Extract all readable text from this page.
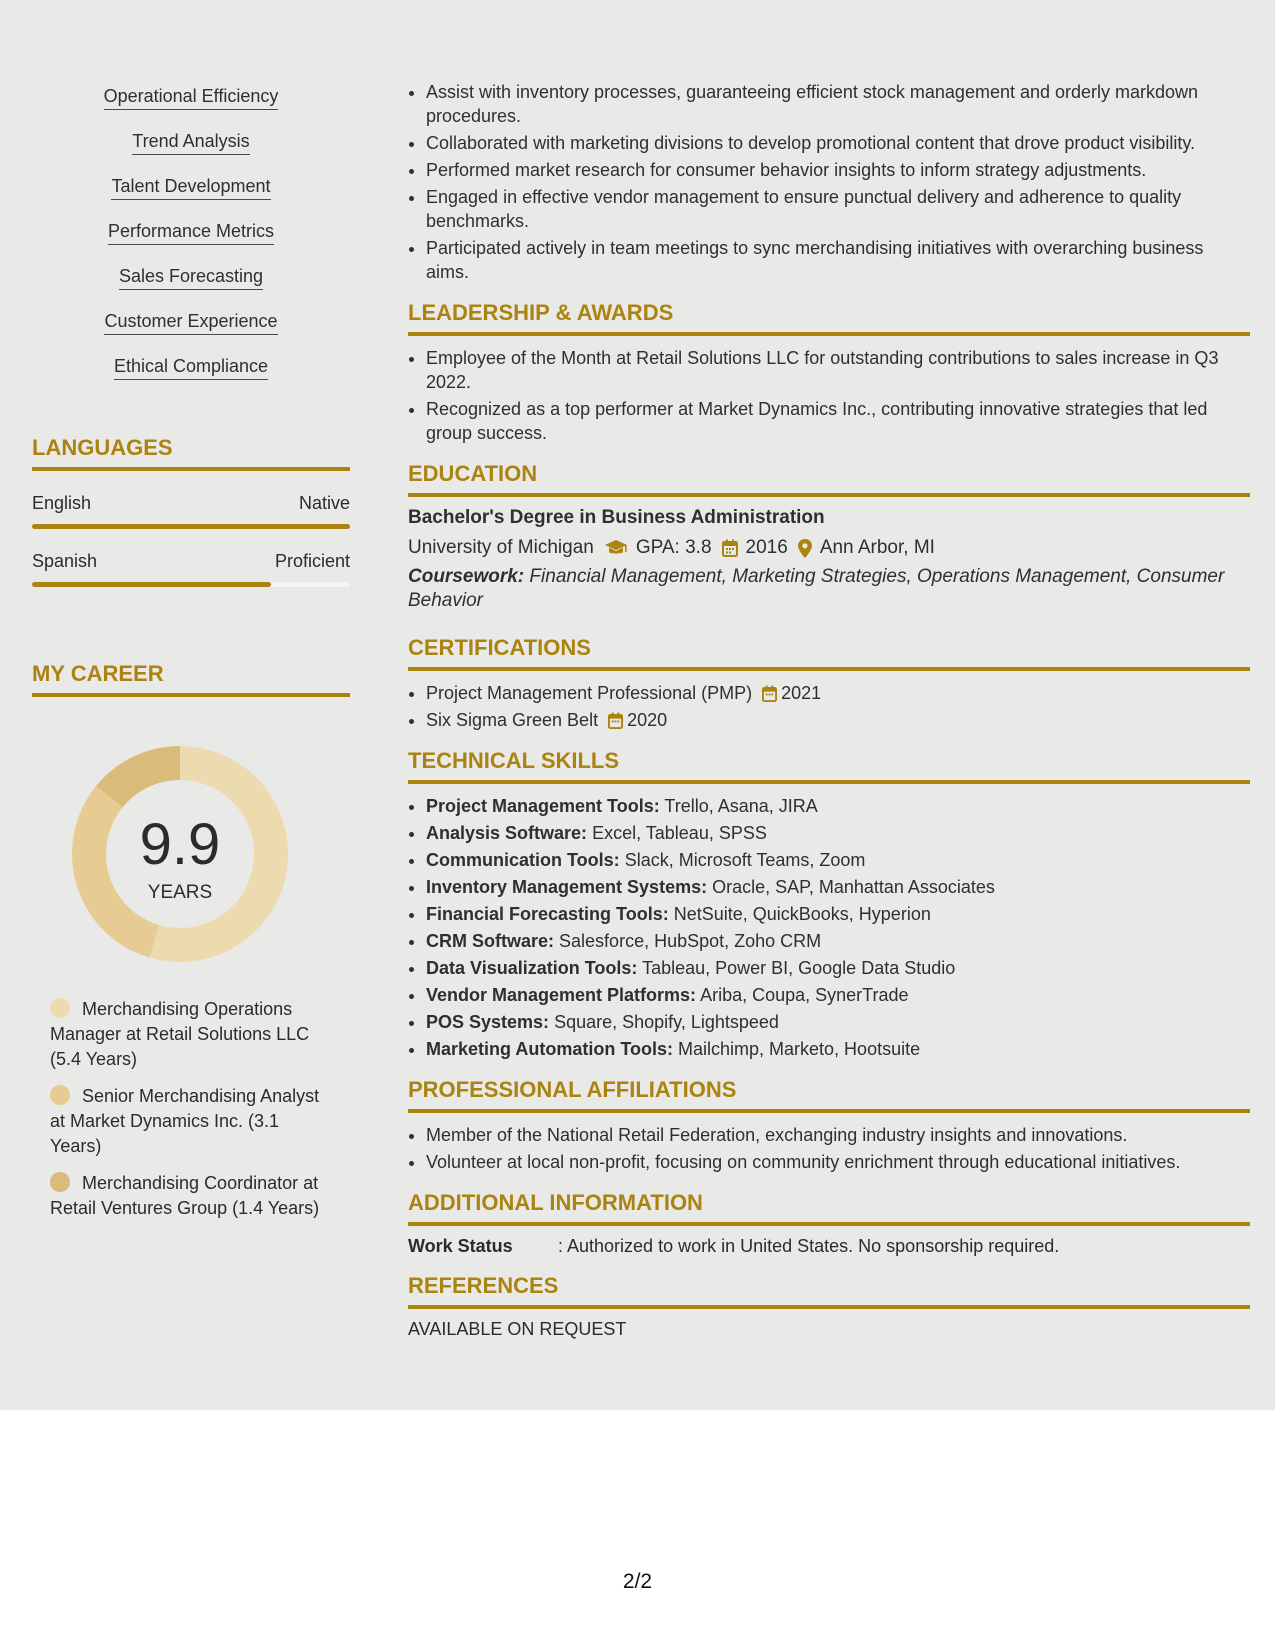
Operational Efficiency
Trend Analysis
Talent Development
Performance Metrics
Sales Forecasting
Customer Experience
Ethical Compliance
LANGUAGES
English	Native
Spanish	Proficient
MY CAREER
9.9
YEARS
Merchandising Operations Manager at Retail Solutions LLC (5.4 Years)
Senior Merchandising Analyst at Market Dynamics Inc. (3.1 Years)
Merchandising Coordinator at Retail Ventures Group (1.4 Years)
• Assist with inventory processes, guaranteeing efficient stock management and orderly markdown procedures.
• Collaborated with marketing divisions to develop promotional content that drove product visibility.
• Performed market research for consumer behavior insights to inform strategy adjustments.
• Engaged in effective vendor management to ensure punctual delivery and adherence to quality benchmarks.
• Participated actively in team meetings to sync merchandising initiatives with overarching business aims.
LEADERSHIP & AWARDS
• Employee of the Month at Retail Solutions LLC for outstanding contributions to sales increase in Q3 2022.
• Recognized as a top performer at Market Dynamics Inc., contributing innovative strategies that led group success.
EDUCATION
Bachelor's Degree in Business Administration
University of Michigan GPA: 3.8 2016 Ann Arbor, MI
Coursework: Financial Management, Marketing Strategies, Operations Management, Consumer Behavior
CERTIFICATIONS
• Project Management Professional (PMP) 2021
• Six Sigma Green Belt 2020
TECHNICAL SKILLS
• Project Management Tools: Trello, Asana, JIRA
• Analysis Software: Excel, Tableau, SPSS
• Communication Tools: Slack, Microsoft Teams, Zoom
• Inventory Management Systems: Oracle, SAP, Manhattan Associates
• Financial Forecasting Tools: NetSuite, QuickBooks, Hyperion
• CRM Software: Salesforce, HubSpot, Zoho CRM
• Data Visualization Tools: Tableau, Power BI, Google Data Studio
• Vendor Management Platforms: Ariba, Coupa, SynerTrade
• POS Systems: Square, Shopify, Lightspeed
• Marketing Automation Tools: Mailchimp, Marketo, Hootsuite
PROFESSIONAL AFFILIATIONS
• Member of the National Retail Federation, exchanging industry insights and innovations.
• Volunteer at local non-profit, focusing on community enrichment through educational initiatives.
ADDITIONAL INFORMATION
Work Status	: Authorized to work in United States. No sponsorship required.
REFERENCES
AVAILABLE ON REQUEST
2/2
